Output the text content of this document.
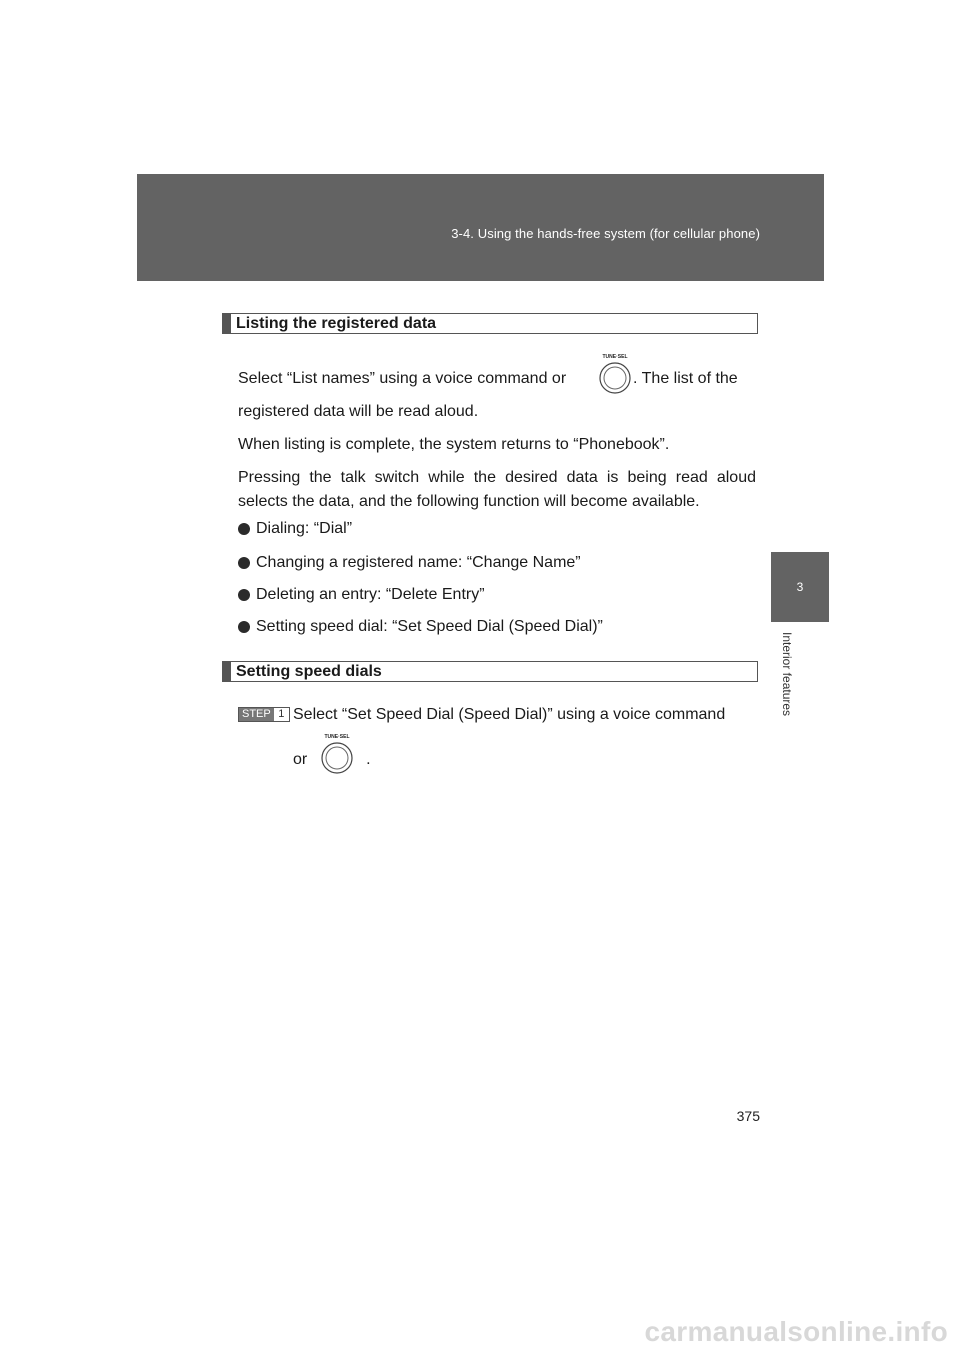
3-4. Using the hands-free system (for cellular phone)
3
Interior features
Listing the registered data
Select “List names” using a voice command or	. The list of the
TUNE·SEL
registered data will be read aloud.
When listing is complete, the system returns to “Phonebook”.
Pressing the talk switch while the desired data is being read aloud selects the data, and the following function will become available.
Dialing: “Dial”
Changing a registered name: “Change Name”
Deleting an entry: “Delete Entry”
Setting speed dial: “Set Speed Dial (Speed Dial)”
Setting speed dials
STEP 1 Select “Set Speed Dial (Speed Dial)” using a voice command
or	.
TUNE·SEL
375
carmanualsonline.info
